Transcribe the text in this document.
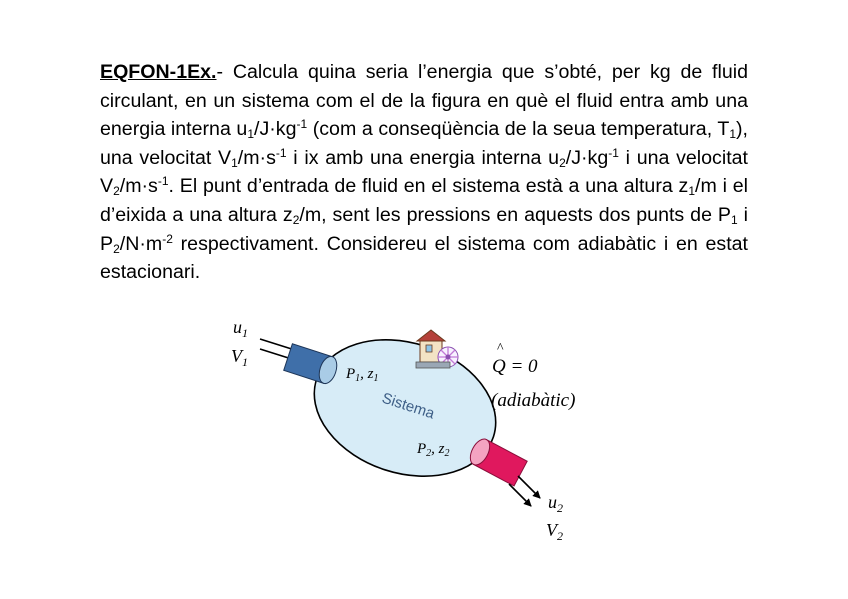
EQFON-1Ex.- Calcula quina seria l’energia que s’obté, per kg de fluid circulant, en un sistema com el de la figura en què el fluid entra amb una energia interna $u_1/J\cdot kg^{-1}$ (com a conseqüència de la seua temperatura, $T_1$), una velocitat $V_1/m\cdot s^{-1}$ i ix amb una energia interna $u_2/J\cdot kg^{-1}$ i una velocitat $V_2/m\cdot s^{-1}$. El punt d’entrada de fluid en el sistema està a una altura $z_1/m$ i el d’eixida a una altura $z_2/m$, sent les pressions en aquests dos punts de $P_1$ i $P_2/N\cdot m^{-2}$ respectivament. Considereu el sistema com adiabàtic i en estat estacionari.

$u_1$
$V_1$
$P_1$, $z_1$
Sistema
$P_2$, $z_2$
$u_2$
$V_2$
^
Q = 0
(adiabàtic)
